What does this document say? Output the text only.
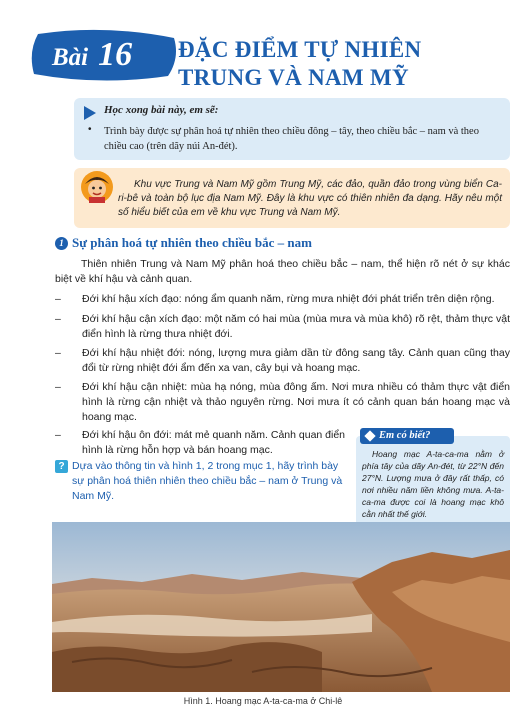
Bài 16 ĐẶC ĐIỂM TỰ NHIÊN
TRUNG VÀ NAM MỸ
Học xong bài này, em sẽ:
• Trình bày được sự phân hoá tự nhiên theo chiều đông – tây, theo chiều bắc – nam và theo chiều cao (trên dãy núi An-đét).
Khu vực Trung và Nam Mỹ gồm Trung Mỹ, các đảo, quần đảo trong vùng biển Ca-ri-bê và toàn bộ lục địa Nam Mỹ. Đây là khu vực có thiên nhiên đa dạng. Hãy nêu một số hiểu biết của em về khu vực Trung và Nam Mỹ.
1 Sự phân hoá tự nhiên theo chiều bắc – nam
Thiên nhiên Trung và Nam Mỹ phân hoá theo chiều bắc – nam, thể hiện rõ nét ở sự khác biệt về khí hậu và cảnh quan.
– Đới khí hậu xích đạo: nóng ẩm quanh năm, rừng mưa nhiệt đới phát triển trên diện rộng.
– Đới khí hậu cận xích đạo: một năm có hai mùa (mùa mưa và mùa khô) rõ rệt, thảm thực vật điển hình là rừng thưa nhiệt đới.
– Đới khí hậu nhiệt đới: nóng, lượng mưa giảm dần từ đông sang tây. Cảnh quan cũng thay đổi từ rừng nhiệt đới ẩm đến xa van, cây bụi và hoang mạc.
– Đới khí hậu cận nhiệt: mùa hạ nóng, mùa đông ấm. Nơi mưa nhiều có thảm thực vật điển hình là rừng cận nhiệt và thảo nguyên rừng. Nơi mưa ít có cảnh quan bán hoang mạc và hoang mạc.
– Đới khí hậu ôn đới: mát mẻ quanh năm. Cảnh quan điển hình là rừng hỗn hợp và bán hoang mạc.
? Dựa vào thông tin và hình 1, 2 trong mục 1, hãy trình bày sự phân hoá thiên nhiên theo chiều bắc – nam ở Trung và Nam Mỹ.
Em có biết?
Hoang mạc A-ta-ca-ma nằm ở phía tây của dãy An-đét, từ 22°N đến 27°N. Lượng mưa ở đây rất thấp, có nơi nhiều năm liền không mưa. A-ta-ca-ma được coi là hoang mạc khô cằn nhất thế giới.
Hình 1. Hoang mạc A-ta-ca-ma ở Chi-lê
